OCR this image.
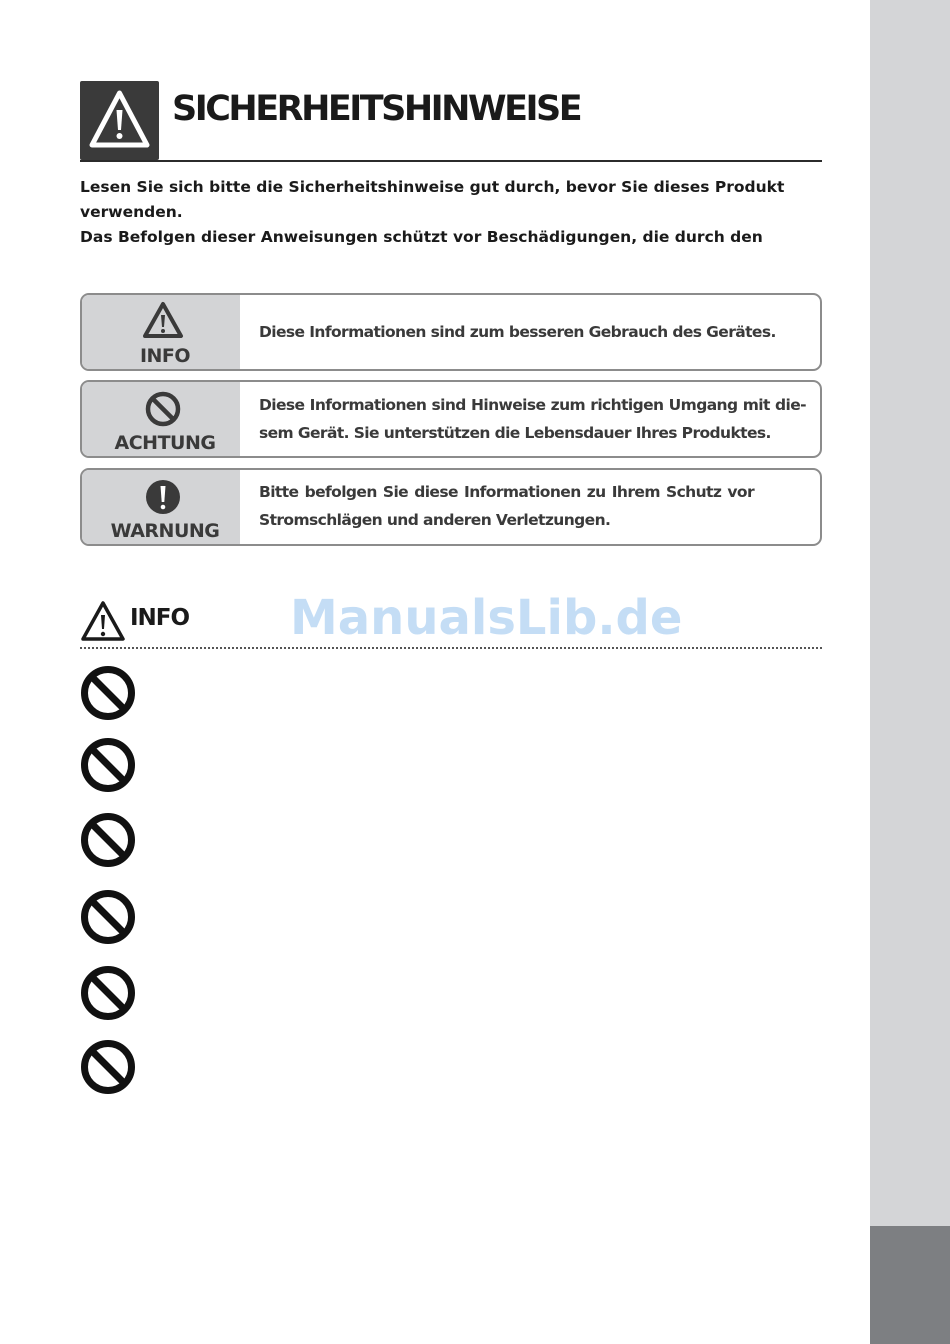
SICHERHEITSHINWEISE

Lesen Sie sich bitte die Sicherheitshinweise gut durch, bevor Sie dieses Produkt verwenden.

Das Befolgen dieser Anweisungen schützt vor Beschädigungen, die durch den

INFO
Diese Informationen sind zum besseren Gebrauch des Gerätes.
ACHTUNG
Diese Informationen sind Hinweise zum richtigen Umgang mit die-sem Gerät. Sie unterstützen die Lebensdauer Ihres Produktes.
WARNUNG
Bitte befolgen Sie diese Informationen zu Ihrem Schutz vor Stromschlägen und anderen Verletzungen.
INFO ManualsLib.de
